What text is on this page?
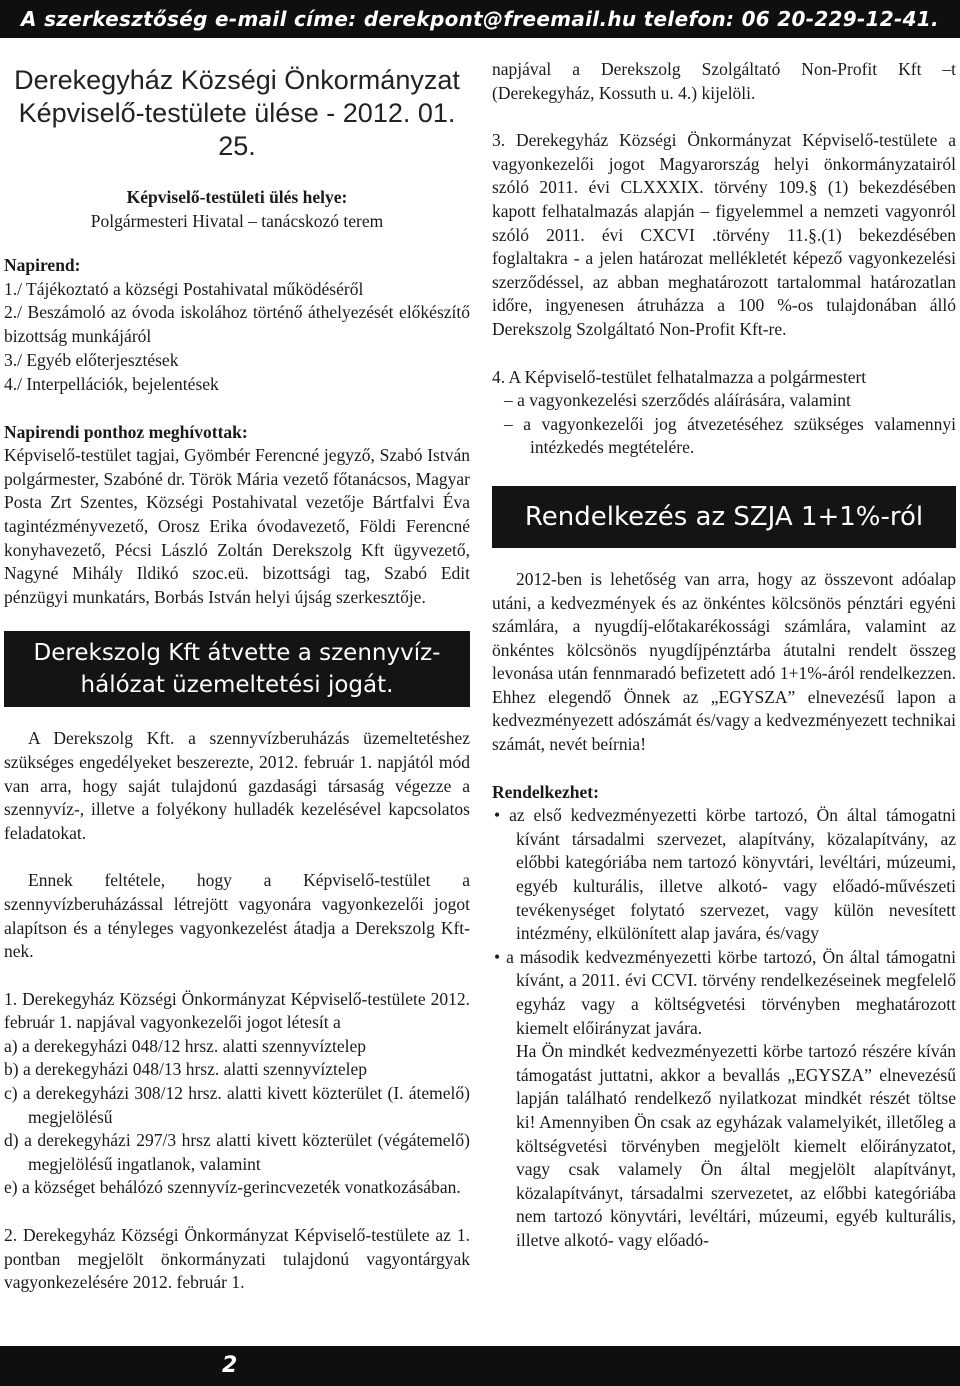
A szerkesztőség e-mail címe: derekpont@freemail.hu telefon: 06 20-229-12-41.
Derekegyház Községi Önkormányzat
Képviselő-testülete ülése - 2012. 01. 25.
Képviselő-testületi ülés helye:
Polgármesteri Hivatal – tanácskozó terem
Napirend:
1./ Tájékoztató a községi Postahivatal működéséről
2./ Beszámoló az óvoda iskolához történő áthelyezését előkészítő bizottság munkájáról
3./ Egyéb előterjesztések
4./ Interpellációk, bejelentések
Napirendi ponthoz meghívottak:

Képviselő-testület tagjai, Gyömbér Ferencné jegyző, Szabó István polgármester, Szabóné dr. Török Mária vezető főtanácsos, Magyar Posta Zrt Szentes, Községi Postahivatal vezetője Bártfalvi Éva tagintézményvezető, Orosz Erika óvodavezető, Földi Ferencné konyhavezető, Pécsi László Zoltán Derekszolg Kft ügyvezető, Nagyné Mihály Ildikó szoc.eü. bizottsági tag, Szabó Edit pénzügyi munkatárs, Borbás István helyi újság szerkesztője.

Derekszolg Kft átvette a szennyvíz-
hálózat üzemeltetési jogát.

A Derekszolg Kft. a szennyvízberuházás üzemeltetéshez szükséges engedélyeket beszerezte, 2012. február 1. napjától mód van arra, hogy saját tulajdonú gazdasági társaság végezze a szennyvíz-, illetve a folyékony hulladék kezelésével kapcsolatos feladatokat.

Ennek feltétele, hogy a Képviselő-testület a szennyvízberuházással létrejött vagyonára vagyonkezelői jogot alapítson és a tényleges vagyonkezelést átadja a Derekszolg Kft-nek.

1. Derekegyház Községi Önkormányzat Képviselő-testülete 2012. február 1. napjával vagyonkezelői jogot létesít a

a) a derekegyházi 048/12 hrsz. alatti szennyvíztelep
b) a derekegyházi 048/13 hrsz. alatti szennyvíztelep
c) a derekegyházi 308/12 hrsz. alatti kivett közterület (I. átemelő) megjelölésű
d) a derekegyházi 297/3 hrsz alatti kivett közterület (végátemelő) megjelölésű ingatlanok, valamint
e) a községet behálózó szennyvíz-gerincvezeték vonatkozásában.

2. Derekegyház Községi Önkormányzat Képviselő-testülete az 1. pontban megjelölt önkormányzati tulajdonú vagyontárgyak vagyonkezelésére 2012. február 1.

napjával a Derekszolg Szolgáltató Non-Profit Kft –t (Derekegyház, Kossuth u. 4.) kijelöli.

3. Derekegyház Községi Önkormányzat Képviselő-testülete a vagyonkezelői jogot Magyarország helyi önkormányzatairól szóló 2011. évi CLXXXIX. törvény 109.§ (1) bekezdésében kapott felhatalmazás alapján – figyelemmel a nemzeti vagyonról szóló 2011. évi CXCVI .törvény 11.§.(1) bekezdésében foglaltakra - a jelen határozat mellékletét képező vagyonkezelési szerződéssel, az abban meghatározott tartalommal határozatlan időre, ingyenesen átruházza a 100 %-os tulajdonában álló Derekszolg Szolgáltató Non-Profit Kft-re.

4. A Képviselő-testület felhatalmazza a polgármestert
– a vagyonkezelési szerződés aláírására, valamint
– a vagyonkezelői jog átvezetéséhez szükséges valamennyi intézkedés megtételére.
Rendelkezés az SZJA 1+1%-ról

2012-ben is lehetőség van arra, hogy az összevont adóalap utáni, a kedvezmények és az önkéntes kölcsönös pénztári egyéni számlára, a nyugdíj-előtakarékossági számlára, valamint az önkéntes kölcsönös nyugdíjpénztárba átutalni rendelt összeg levonása után fennmaradó befizetett adó 1+1%-áról rendelkezzen. Ehhez elegendő Önnek az „EGYSZA” elnevezésű lapon a kedvezményezett adószámát és/vagy a kedvezményezett technikai számát, nevét beírnia!

Rendelkezhet:
• az első kedvezményezetti körbe tartozó, Ön által támogatni kívánt társadalmi szervezet, alapítvány, közalapítvány, az előbbi kategóriába nem tartozó könyvtári, levéltári, múzeumi, egyéb kulturális, illetve alkotó- vagy előadó-művészeti tevékenységet folytató szervezet, vagy külön nevesített intézmény, elkülönített alap javára, és/vagy
• a második kedvezményezetti körbe tartozó, Ön által támogatni kívánt, a 2011. évi CCVI. törvény rendelkezéseinek megfelelő egyház vagy a költségvetési törvényben meghatározott kiemelt előirányzat javára.
Ha Ön mindkét kedvezményezetti körbe tartozó részére kíván támogatást juttatni, akkor a bevallás „EGYSZA” elnevezésű lapján található rendelkező nyilatkozat mindkét részét töltse ki! Amennyiben Ön csak az egyházak valamelyikét, illetőleg a költségvetési törvényben megjelölt kiemelt előirányzatot, vagy csak valamely Ön által megjelölt alapítványt, közalapítványt, társadalmi szervezetet, az előbbi kategóriába nem tartozó könyvtári, levéltári, múzeumi, egyéb kulturális, illetve alkotó- vagy előadó-
2
